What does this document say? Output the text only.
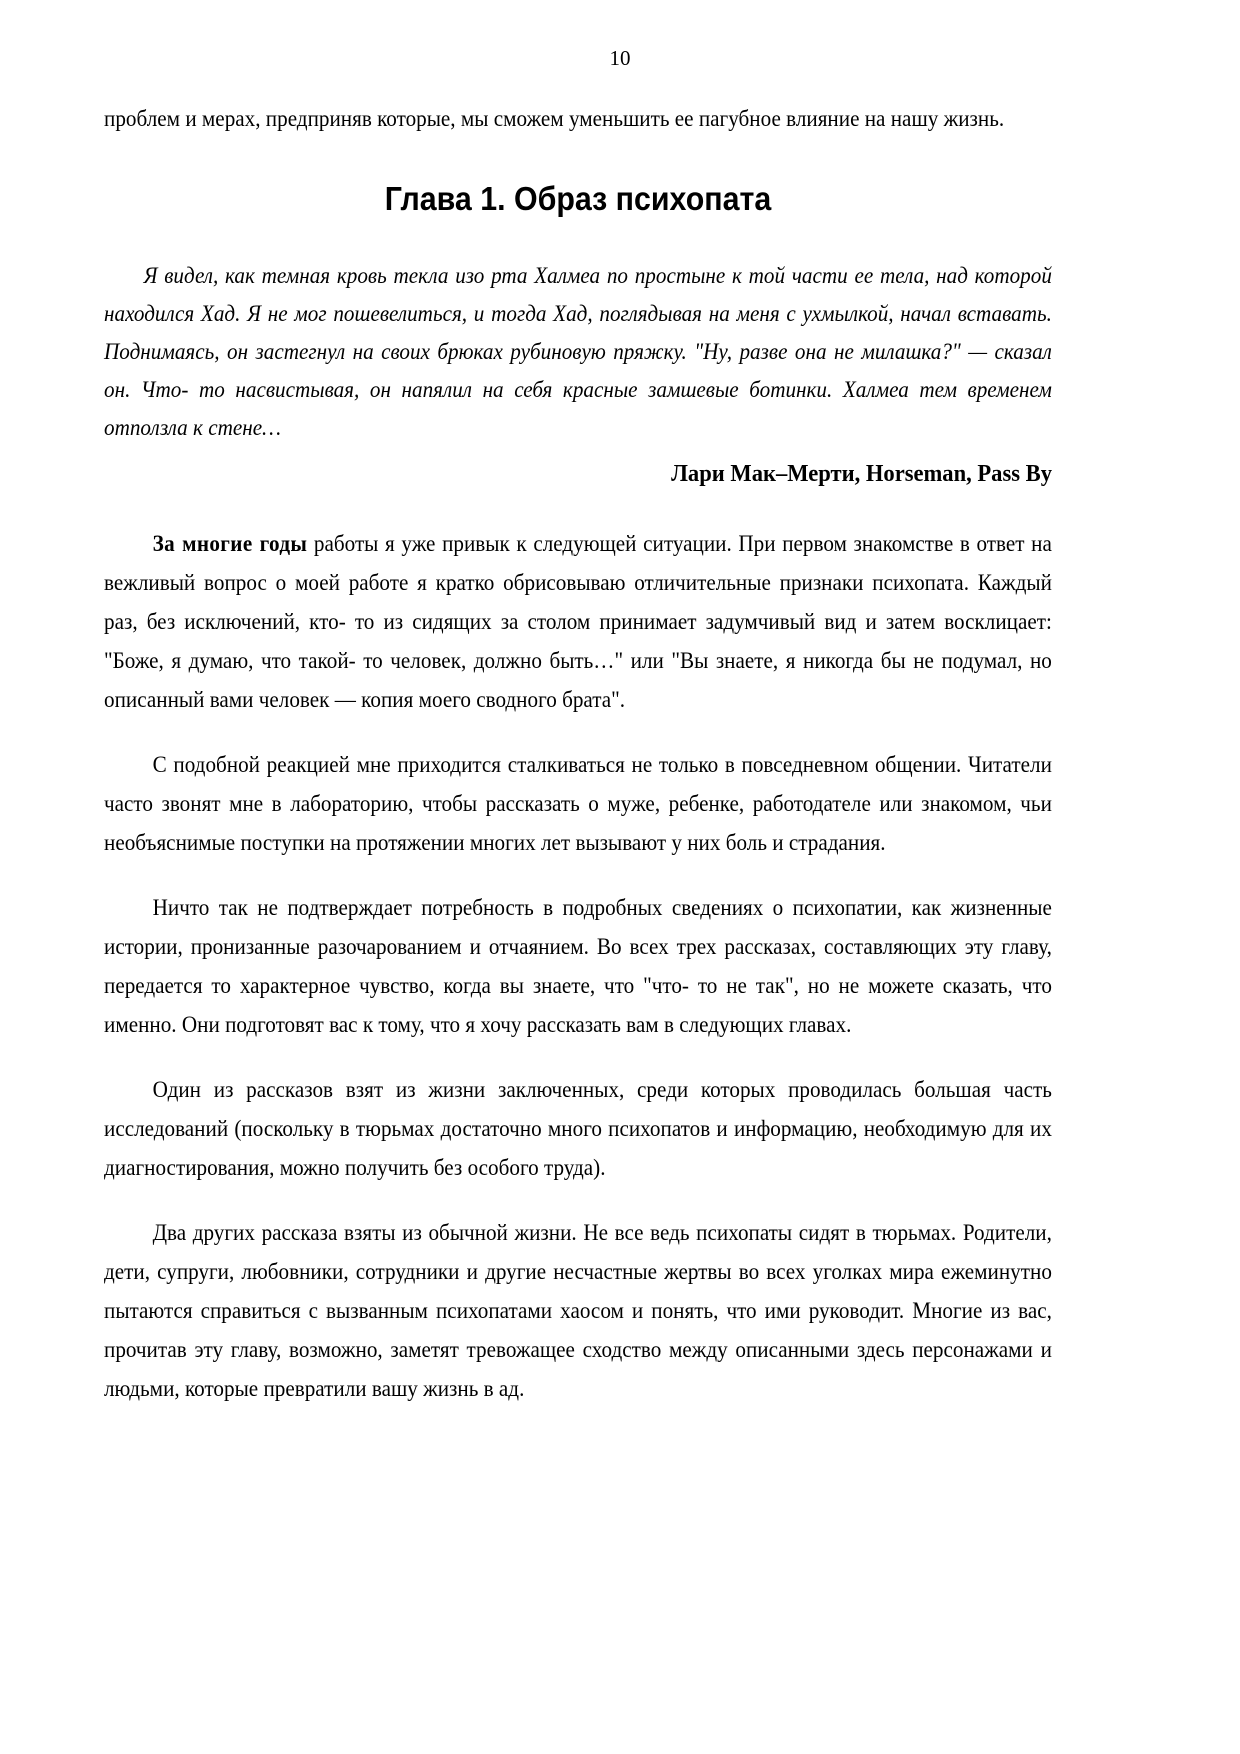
10

проблем и мерах, предприняв которые, мы сможем уменьшить ее пагубное влияние на нашу жизнь.

Глава 1. Образ психопата

Я видел, как темная кровь текла изо рта Халмеа по простыне к той части ее тела, над которой находился Хад. Я не мог пошевелиться, и тогда Хад, поглядывая на меня с ухмылкой, начал вставать. Поднимаясь, он застегнул на своих брюках рубиновую пряжку. "Ну, разве она не милашка?" — сказал он. Что‑ то насвистывая, он напялил на себя красные замшевые ботинки. Халмеа тем временем отползла к стене…

Лари Мак–Мерти, Horseman, Pass By

За многие годы работы я уже привык к следующей ситуации. При первом знакомстве в ответ на вежливый вопрос о моей работе я кратко обрисовываю отличительные признаки психопата. Каждый раз, без исключений, кто‑ то из сидящих за столом принимает задумчивый вид и затем восклицает: "Боже, я думаю, что такой‑ то человек, должно быть…" или "Вы знаете, я никогда бы не подумал, но описанный вами человек — копия моего сводного брата".

С подобной реакцией мне приходится сталкиваться не только в повседневном общении. Читатели часто звонят мне в лабораторию, чтобы рассказать о муже, ребенке, работодателе или знакомом, чьи необъяснимые поступки на протяжении многих лет вызывают у них боль и страдания.

Ничто так не подтверждает потребность в подробных сведениях о психопатии, как жизненные истории, пронизанные разочарованием и отчаянием. Во всех трех рассказах, составляющих эту главу, передается то характерное чувство, когда вы знаете, что "что‑ то не так", но не можете сказать, что именно. Они подготовят вас к тому, что я хочу рассказать вам в следующих главах.

Один из рассказов взят из жизни заключенных, среди которых проводилась большая часть исследований (поскольку в тюрьмах достаточно много психопатов и информацию, необходимую для их диагностирования, можно получить без особого труда).

Два других рассказа взяты из обычной жизни. Не все ведь психопаты сидят в тюрьмах. Родители, дети, супруги, любовники, сотрудники и другие несчастные жертвы во всех уголках мира ежеминутно пытаются справиться с вызванным психопатами хаосом и понять, что ими руководит. Многие из вас, прочитав эту главу, возможно, заметят тревожащее сходство между описанными здесь персонажами и людьми, которые превратили вашу жизнь в ад.
